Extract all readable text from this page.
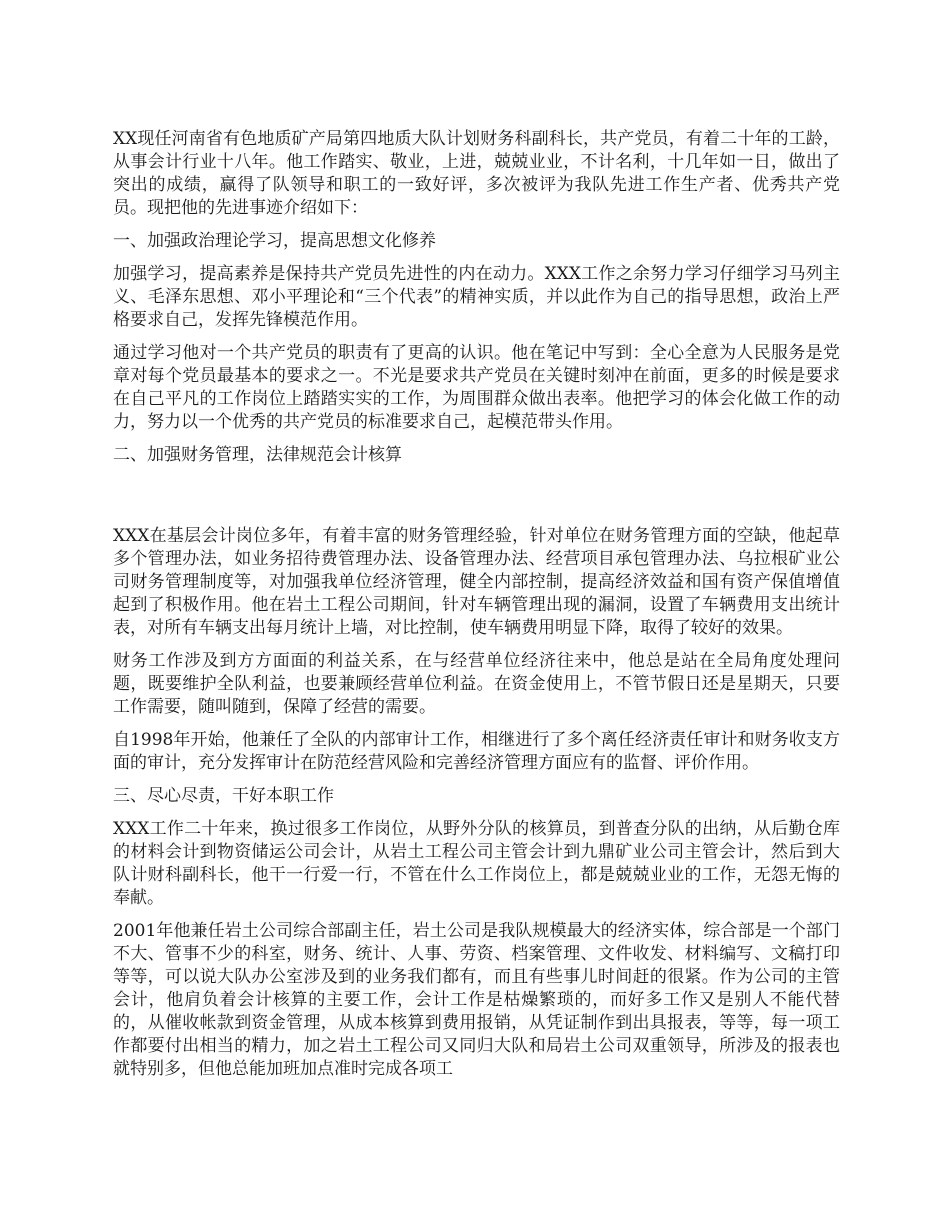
XX现任河南省有色地质矿产局第四地质大队计划财务科副科长，共产党员，有着二十年的工龄，从事会计行业十八年。他工作踏实、敬业，上进，兢兢业业，不计名利，十几年如一日，做出了突出的成绩，赢得了队领导和职工的一致好评，多次被评为我队先进工作生产者、优秀共产党员。现把他的先进事迹介绍如下：

一、加强政治理论学习，提高思想文化修养

加强学习，提高素养是保持共产党员先进性的内在动力。XXX工作之余努力学习仔细学习马列主义、毛泽东思想、邓小平理论和“三个代表”的精神实质，并以此作为自己的指导思想，政治上严格要求自己，发挥先锋模范作用。

通过学习他对一个共产党员的职责有了更高的认识。他在笔记中写到：全心全意为人民服务是党章对每个党员最基本的要求之一。不光是要求共产党员在关键时刻冲在前面，更多的时候是要求在自己平凡的工作岗位上踏踏实实的工作，为周围群众做出表率。他把学习的体会化做工作的动力，努力以一个优秀的共产党员的标准要求自己，起模范带头作用。

二、加强财务管理，法律规范会计核算

XXX在基层会计岗位多年，有着丰富的财务管理经验，针对单位在财务管理方面的空缺，他起草多个管理办法，如业务招待费管理办法、设备管理办法、经营项目承包管理办法、乌拉根矿业公司财务管理制度等，对加强我单位经济管理，健全内部控制，提高经济效益和国有资产保值增值起到了积极作用。他在岩土工程公司期间，针对车辆管理出现的漏洞，设置了车辆费用支出统计表，对所有车辆支出每月统计上墙，对比控制，使车辆费用明显下降，取得了较好的效果。

财务工作涉及到方方面面的利益关系，在与经营单位经济往来中，他总是站在全局角度处理问题，既要维护全队利益，也要兼顾经营单位利益。在资金使用上，不管节假日还是星期天，只要工作需要，随叫随到，保障了经营的需要。

自1998年开始，他兼任了全队的内部审计工作，相继进行了多个离任经济责任审计和财务收支方面的审计，充分发挥审计在防范经营风险和完善经济管理方面应有的监督、评价作用。

三、尽心尽责，干好本职工作

XXX工作二十年来，换过很多工作岗位，从野外分队的核算员，到普查分队的出纳，从后勤仓库的材料会计到物资储运公司会计，从岩土工程公司主管会计到九鼎矿业公司主管会计，然后到大队计财科副科长，他干一行爱一行，不管在什么工作岗位上，都是兢兢业业的工作，无怨无悔的奉献。

2001年他兼任岩土公司综合部副主任，岩土公司是我队规模最大的经济实体，综合部是一个部门不大、管事不少的科室，财务、统计、人事、劳资、档案管理、文件收发、材料编写、文稿打印等等，可以说大队办公室涉及到的业务我们都有，而且有些事儿时间赶的很紧。作为公司的主管会计，他肩负着会计核算的主要工作，会计工作是枯燥繁琐的，而好多工作又是别人不能代替的，从催收帐款到资金管理，从成本核算到费用报销，从凭证制作到出具报表，等等，每一项工作都要付出相当的精力，加之岩土工程公司又同归大队和局岩土公司双重领导，所涉及的报表也就特别多，但他总能加班加点准时完成各项工
